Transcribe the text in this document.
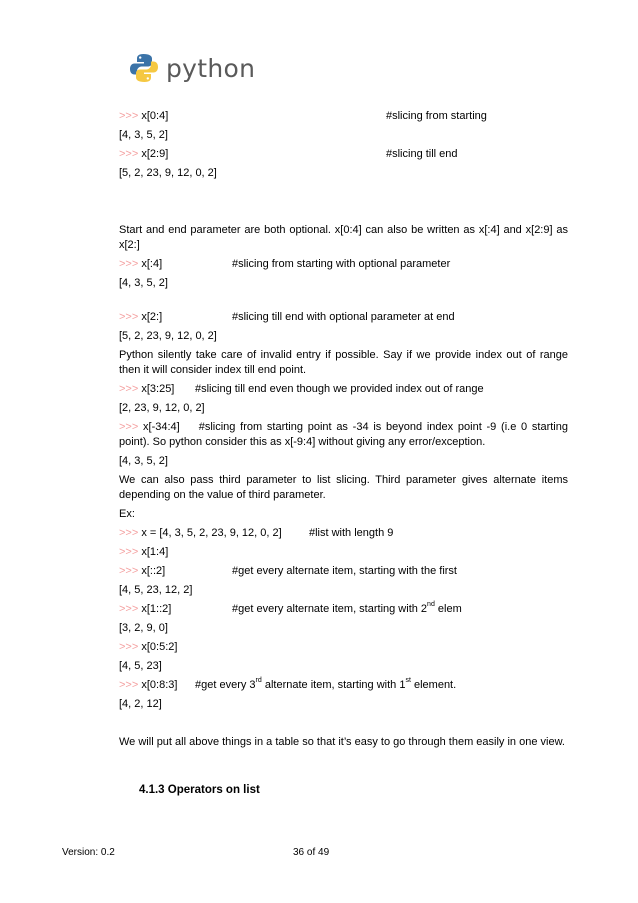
python
>>> x[0:4]	#slicing from starting
[4, 3, 5, 2]
>>> x[2:9]	#slicing till end
[5, 2, 23, 9, 12, 0, 2]
Start and end parameter are both optional. x[0:4] can also be written as x[:4] and x[2:9] as x[2:]
>>> x[:4]	#slicing from starting with optional parameter
[4, 3, 5, 2]
>>> x[2:]	#slicing till end with optional parameter at end
[5, 2, 23, 9, 12, 0, 2]
Python silently take care of invalid entry if possible. Say if we provide index out of range then it will consider index till end point.
>>> x[3:25] #slicing till end even though we provided index out of range
[2, 23, 9, 12, 0, 2]
>>> x[-34:4] #slicing from starting point as -34 is beyond index point -9 (i.e 0 starting point). So python consider this as x[-9:4] without giving any error/exception.
[4, 3, 5, 2]
We can also pass third parameter to list slicing. Third parameter gives alternate items depending on the value of third parameter.
Ex:
>>> x = [4, 3, 5, 2, 23, 9, 12, 0, 2] #list with length 9
>>> x[1:4]
>>> x[::2]	#get every alternate item, starting with the first
[4, 5, 23, 12, 2]
>>> x[1::2]	#get every alternate item, starting with 2nd elem
[3, 2, 9, 0]
>>> x[0:5:2]
[4, 5, 23]
>>> x[0:8:3] #get every 3rd alternate item, starting with 1st element.
[4, 2, 12]
We will put all above things in a table so that it’s easy to go through them easily in one view.
4.1.3 Operators on list
Version: 0.2	36 of 49
